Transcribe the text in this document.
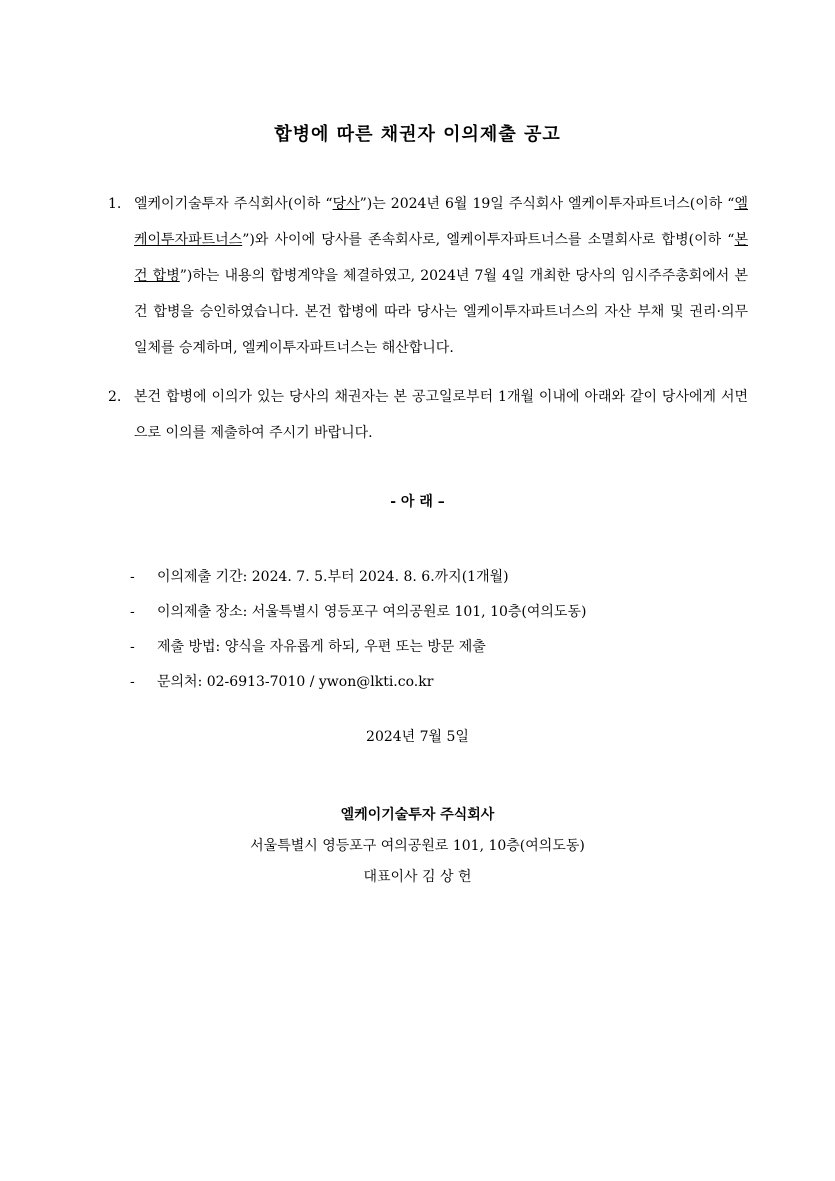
합병에 따른 채권자 이의제출 공고
1. 엘케이기술투자 주식회사(이하 “당사”)는 2024년 6월 19일 주식회사 엘케이투자파트너스(이하 “엘케이투자파트너스”)와 사이에 당사를 존속회사로, 엘케이투자파트너스를 소멸회사로 합병(이하 “본건 합병”)하는 내용의 합병계약을 체결하였고, 2024년 7월 4일 개최한 당사의 임시주주총회에서 본건 합병을 승인하였습니다. 본건 합병에 따라 당사는 엘케이투자파트너스의 자산 부채 및 권리·의무 일체를 승계하며, 엘케이투자파트너스는 해산합니다.
2. 본건 합병에 이의가 있는 당사의 채권자는 본 공고일로부터 1개월 이내에 아래와 같이 당사에게 서면으로 이의를 제출하여 주시기 바랍니다.
- 아 래 –
- 이의제출 기간: 2024. 7. 5.부터 2024. 8. 6.까지(1개월)
- 이의제출 장소: 서울특별시 영등포구 여의공원로 101, 10층(여의도동)
- 제출 방법: 양식을 자유롭게 하되, 우편 또는 방문 제출
- 문의처: 02-6913-7010 / ywon@lkti.co.kr
2024년 7월 5일
엘케이기술투자 주식회사
서울특별시 영등포구 여의공원로 101, 10층(여의도동)
대표이사 김 상 헌
